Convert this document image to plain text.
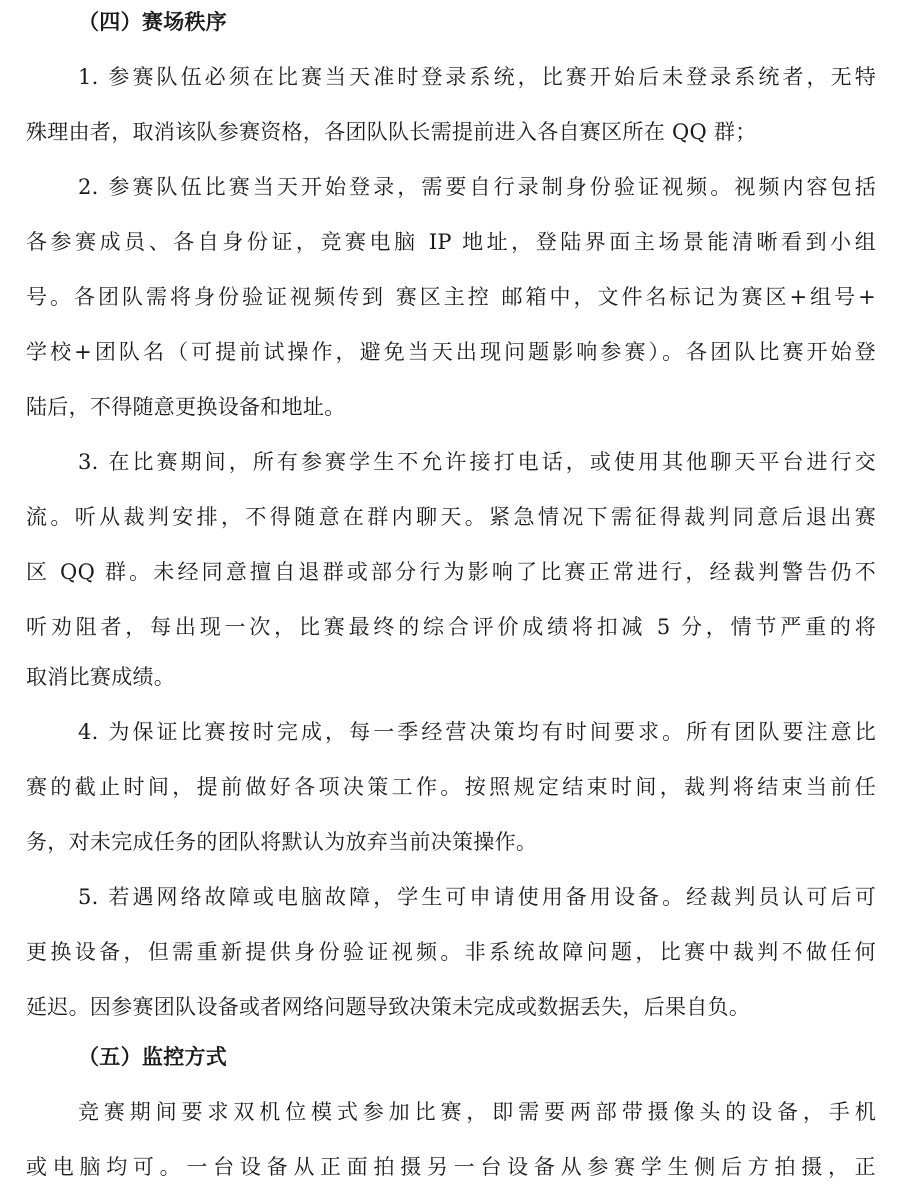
（四）赛场秩序
1. 参赛队伍必须在比赛当天准时登录系统，比赛开始后未登录系统者，无特
殊理由者，取消该队参赛资格，各团队队长需提前进入各自赛区所在 QQ 群；
2. 参赛队伍比赛当天开始登录，需要自行录制身份验证视频。视频内容包括
各参赛成员、各自身份证，竞赛电脑 IP 地址，登陆界面主场景能清晰看到小组
号。各团队需将身份验证视频传到 赛区主控 邮箱中，文件名标记为赛区+组号+
学校+团队名（可提前试操作，避免当天出现问题影响参赛）。各团队比赛开始登
陆后，不得随意更换设备和地址。
3. 在比赛期间，所有参赛学生不允许接打电话，或使用其他聊天平台进行交
流。听从裁判安排，不得随意在群内聊天。紧急情况下需征得裁判同意后退出赛
区 QQ 群。未经同意擅自退群或部分行为影响了比赛正常进行，经裁判警告仍不
听劝阻者，每出现一次，比赛最终的综合评价成绩将扣减 5 分，情节严重的将
取消比赛成绩。
4. 为保证比赛按时完成，每一季经营决策均有时间要求。所有团队要注意比
赛的截止时间，提前做好各项决策工作。按照规定结束时间，裁判将结束当前任
务，对未完成任务的团队将默认为放弃当前决策操作。
5. 若遇网络故障或电脑故障，学生可申请使用备用设备。经裁判员认可后可
更换设备，但需重新提供身份验证视频。非系统故障问题，比赛中裁判不做任何
延迟。因参赛团队设备或者网络问题导致决策未完成或数据丢失，后果自负。
（五）监控方式
竞赛期间要求双机位模式参加比赛，即需要两部带摄像头的设备，手机
或电脑均可。一台设备从正面拍摄另一台设备从参赛学生侧后方拍摄，正
